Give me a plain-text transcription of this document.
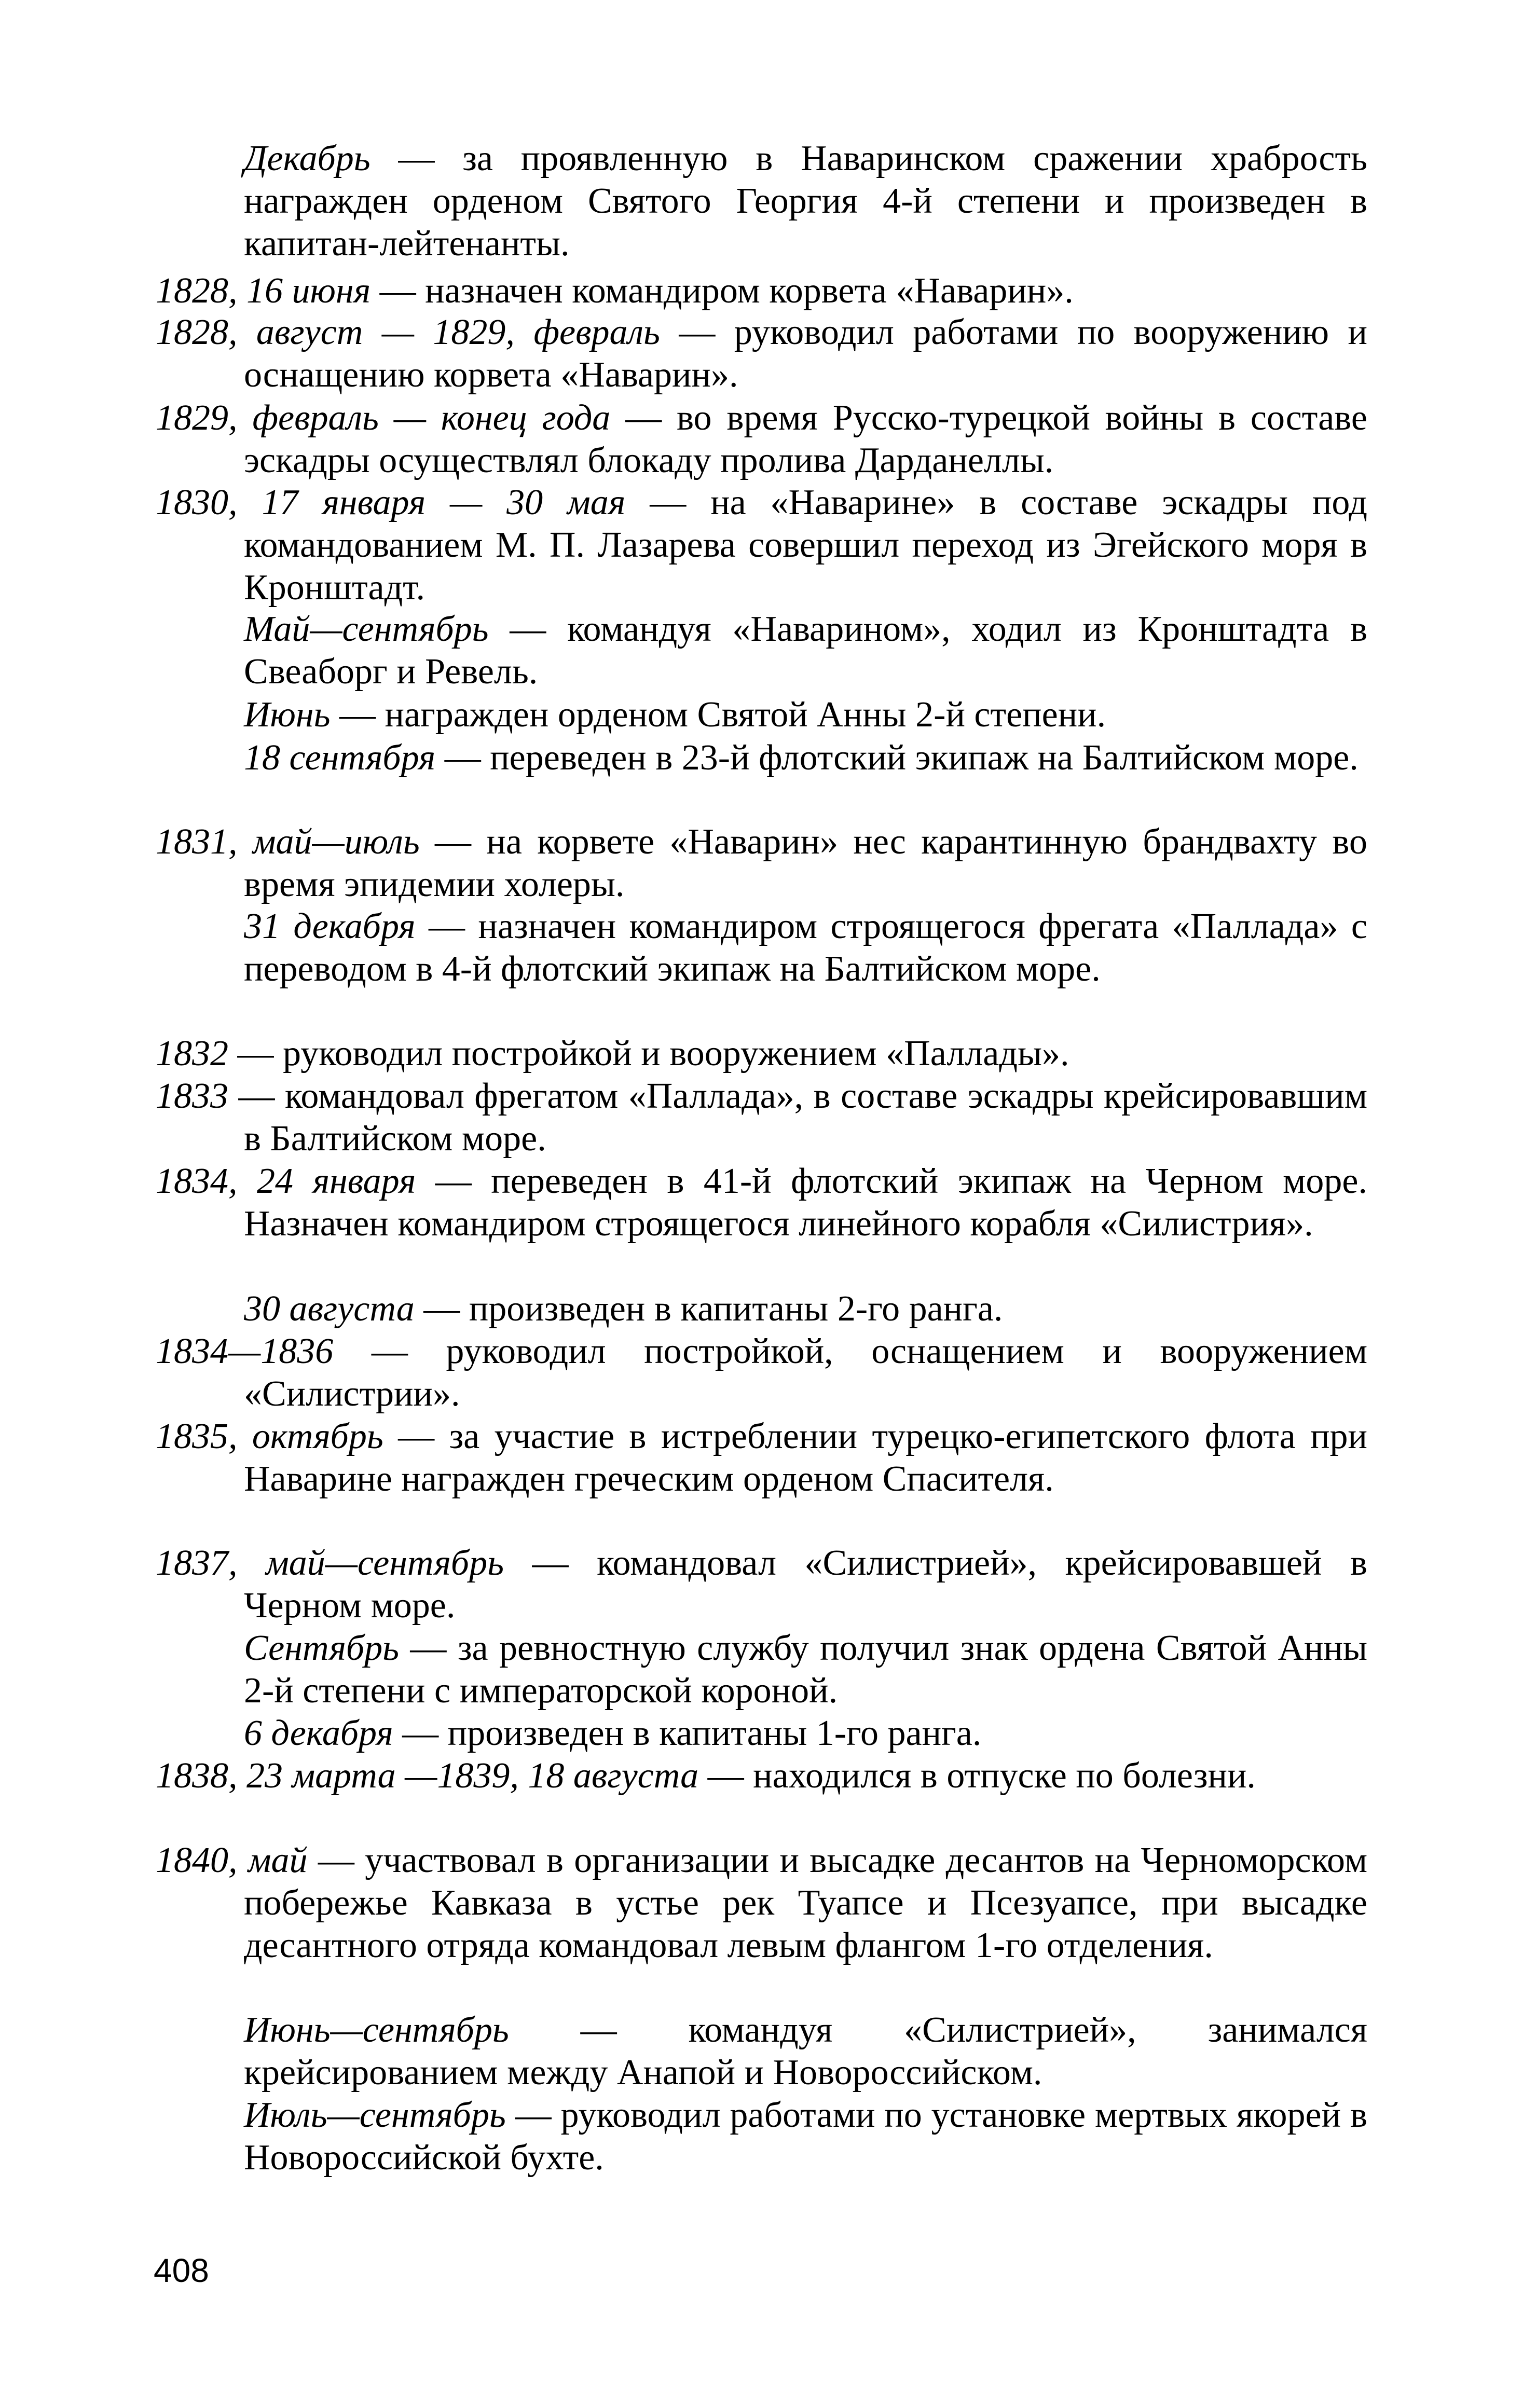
Декабрь — за проявленную в Наваринском сражении храбрость награжден орденом Святого Георгия 4-й степени и произведен в капитан-лейтенанты.

1828, 16 июня — назначен командиром корвета «Наварин».

1828, август — 1829, февраль — руководил работами по вооружению и оснащению корвета «Наварин».

1829, февраль — конец года — во время Русско-турецкой войны в составе эскадры осуществлял блокаду пролива Дарданеллы.

1830, 17 января — 30 мая — на «Наварине» в составе эскадры под командованием М. П. Лазарева совершил переход из Эгейского моря в Кронштадт.

Май—сентябрь — командуя «Наварином», ходил из Кронштадта в Свеаборг и Ревель.

Июнь — награжден орденом Святой Анны 2-й степени.

18 сентября — переведен в 23-й флотский экипаж на Балтийском море.

1831, май—июль — на корвете «Наварин» нес карантинную брандвахту во время эпидемии холеры.

31 декабря — назначен командиром строящегося фрегата «Паллада» с переводом в 4-й флотский экипаж на Балтийском море.

1832 — руководил постройкой и вооружением «Паллады».

1833 — командовал фрегатом «Паллада», в составе эскадры крейсировавшим в Балтийском море.

1834, 24 января — переведен в 41-й флотский экипаж на Черном море. Назначен командиром строящегося линейного корабля «Силистрия».

30 августа — произведен в капитаны 2-го ранга.

1834—1836 — руководил постройкой, оснащением и вооружением «Силистрии».

1835, октябрь — за участие в истреблении турецко-египетского флота при Наварине награжден греческим орденом Спасителя.

1837, май—сентябрь — командовал «Силистрией», крейсировавшей в Черном море.

Сентябрь — за ревностную службу получил знак ордена Святой Анны 2-й степени с императорской короной.

6 декабря — произведен в капитаны 1-го ранга.

1838, 23 марта —1839, 18 августа — находился в отпуске по болезни.

1840, май — участвовал в организации и высадке десантов на Черноморском побережье Кавказа в устье рек Туапсе и Псезуапсе, при высадке десантного отряда командовал левым флангом 1-го отделения.

Июнь—сентябрь — командуя «Силистрией», занимался крейсированием между Анапой и Новороссийском.

Июль—сентябрь — руководил работами по установке мертвых якорей в Новороссийской бухте.

408
